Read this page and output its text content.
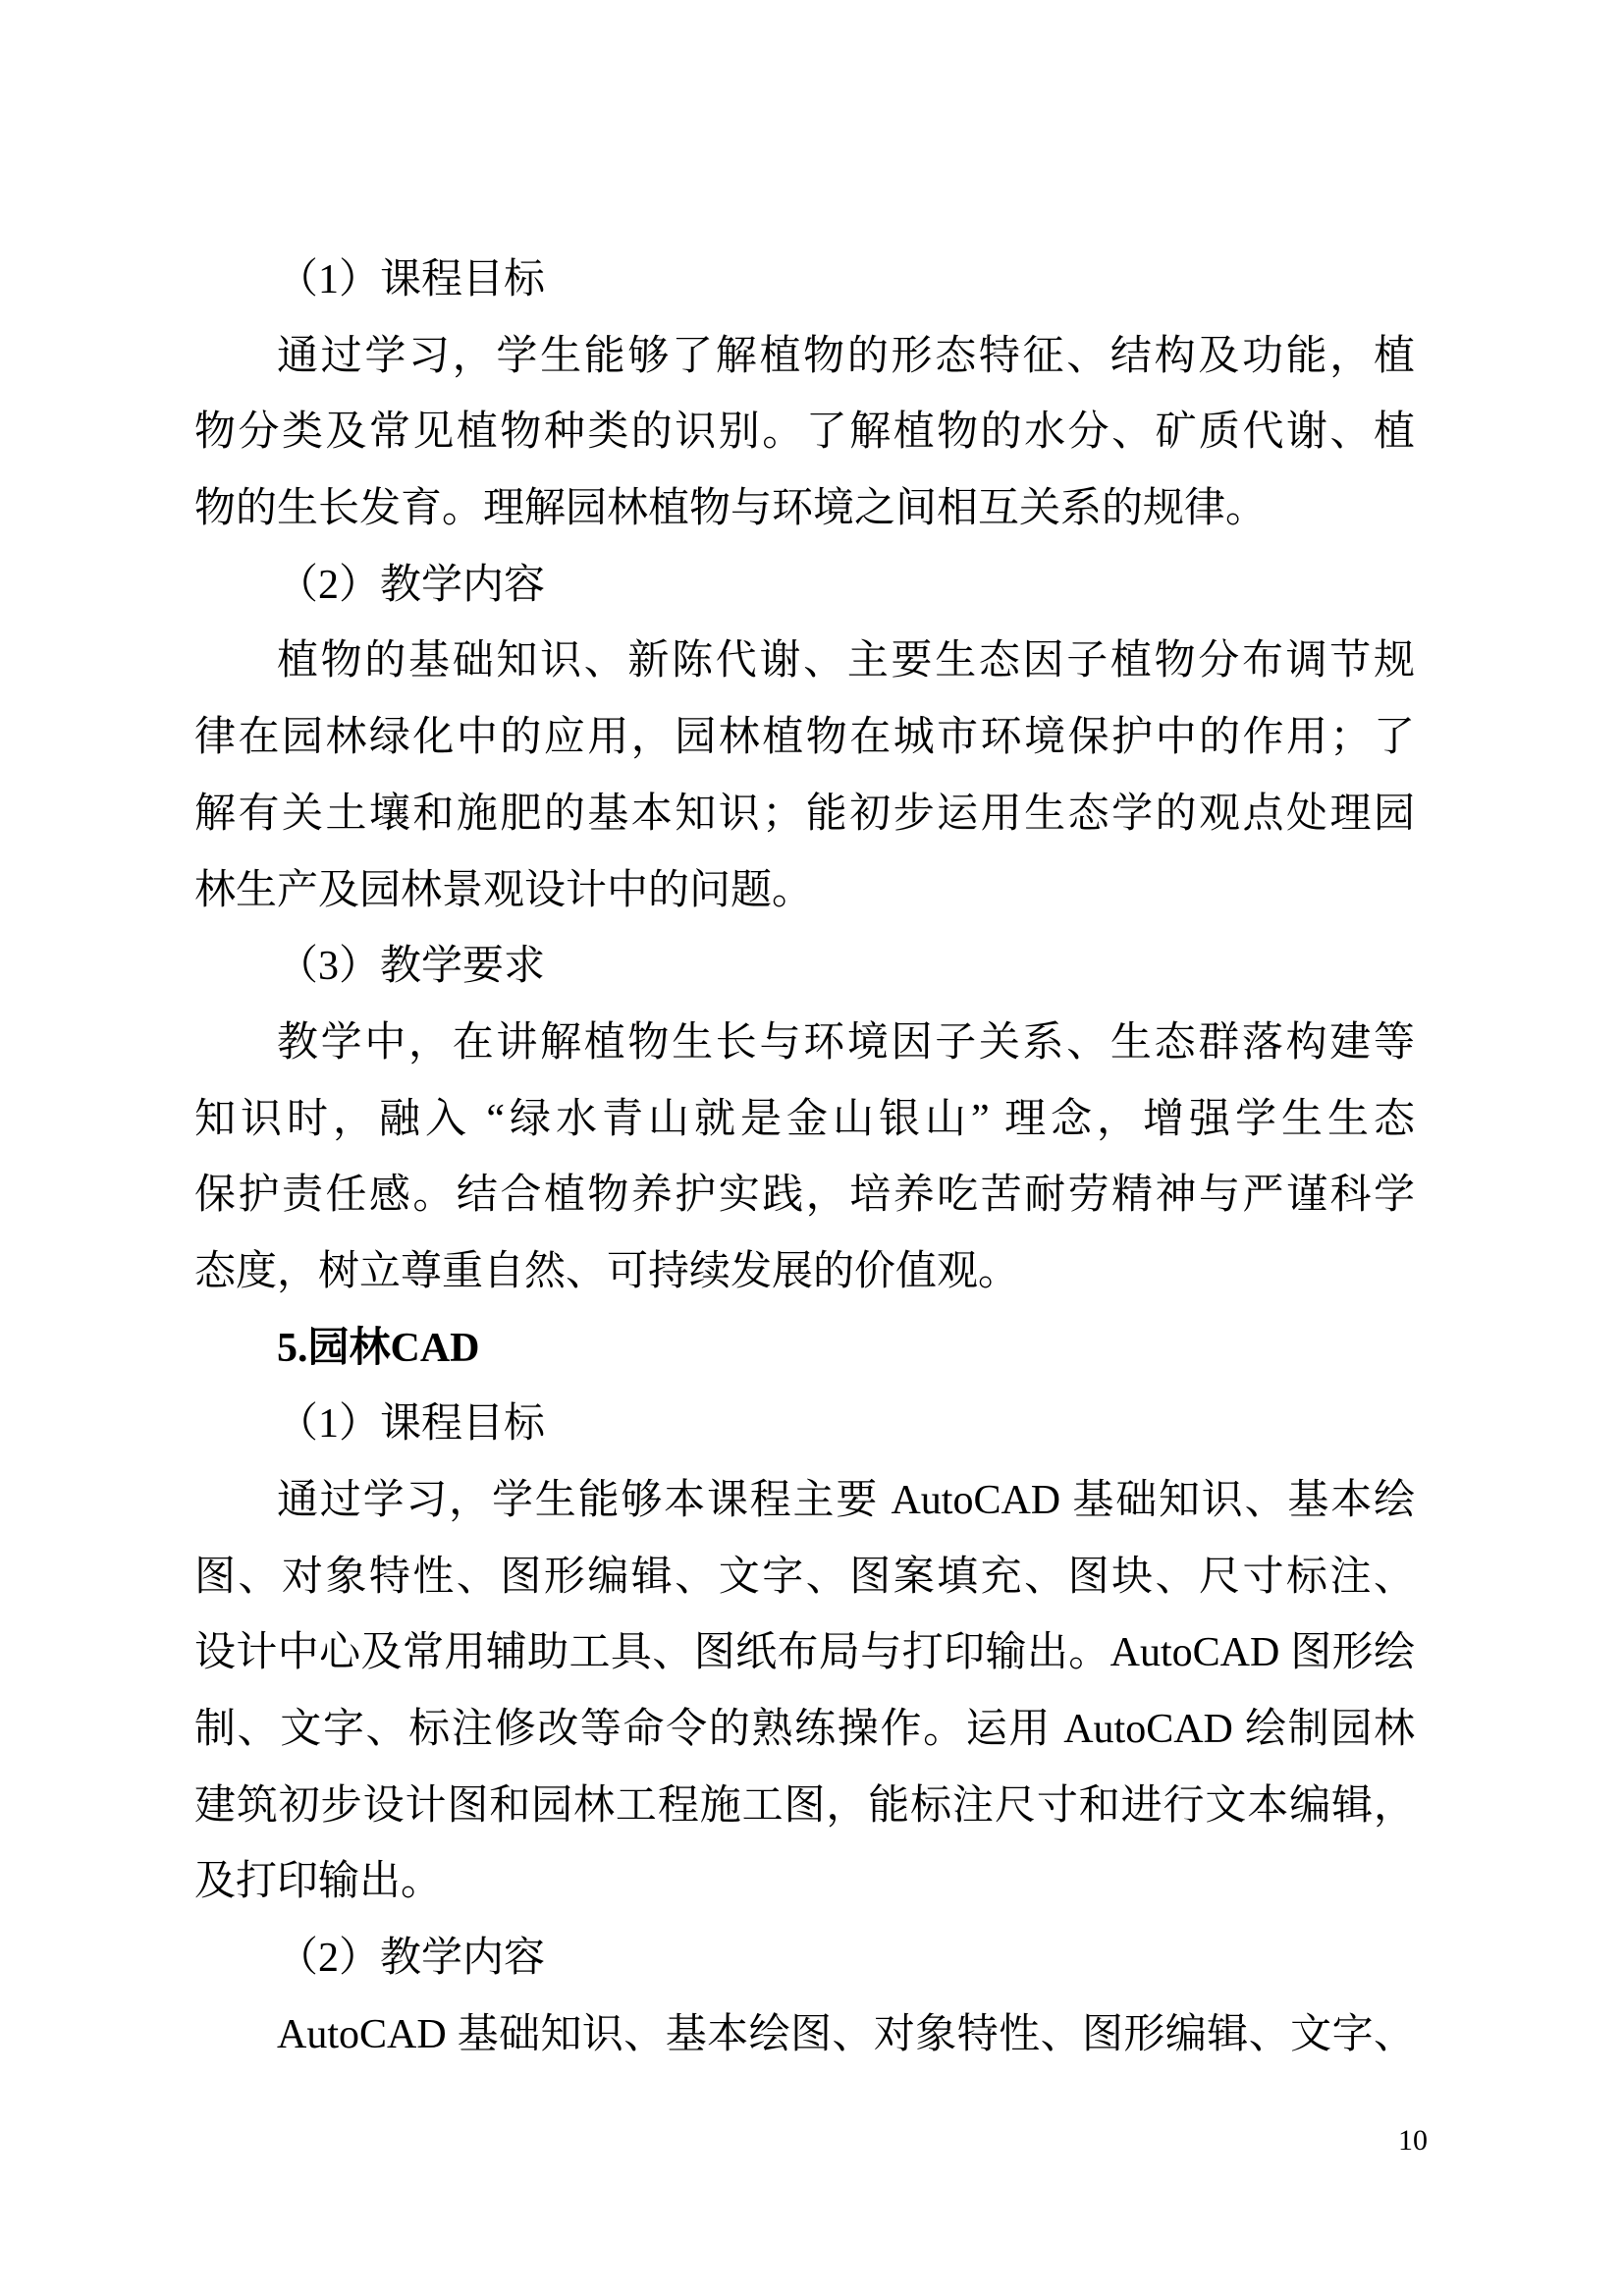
（1）课程目标
通过学习，学生能够了解植物的形态特征、结构及功能，植
物分类及常见植物种类的识别。了解植物的水分、矿质代谢、植
物的生长发育。理解园林植物与环境之间相互关系的规律。
（2）教学内容
植物的基础知识、新陈代谢、主要生态因子植物分布调节规
律在园林绿化中的应用，园林植物在城市环境保护中的作用；了
解有关土壤和施肥的基本知识；能初步运用生态学的观点处理园
林生产及园林景观设计中的问题。
（3）教学要求
教学中，在讲解植物生长与环境因子关系、生态群落构建等
知识时，融入 “绿水青山就是金山银山” 理念，增强学生生态
保护责任感。结合植物养护实践，培养吃苦耐劳精神与严谨科学
态度，树立尊重自然、可持续发展的价值观。
5.园林CAD
（1）课程目标
通过学习，学生能够本课程主要 AutoCAD 基础知识、基本绘
图、对象特性、图形编辑、文字、图案填充、图块、尺寸标注、
设计中心及常用辅助工具、图纸布局与打印输出。AutoCAD 图形绘
制、文字、标注修改等命令的熟练操作。运用 AutoCAD 绘制园林
建筑初步设计图和园林工程施工图，能标注尺寸和进行文本编辑，
及打印输出。
（2）教学内容
AutoCAD 基础知识、基本绘图、对象特性、图形编辑、文字、
10
